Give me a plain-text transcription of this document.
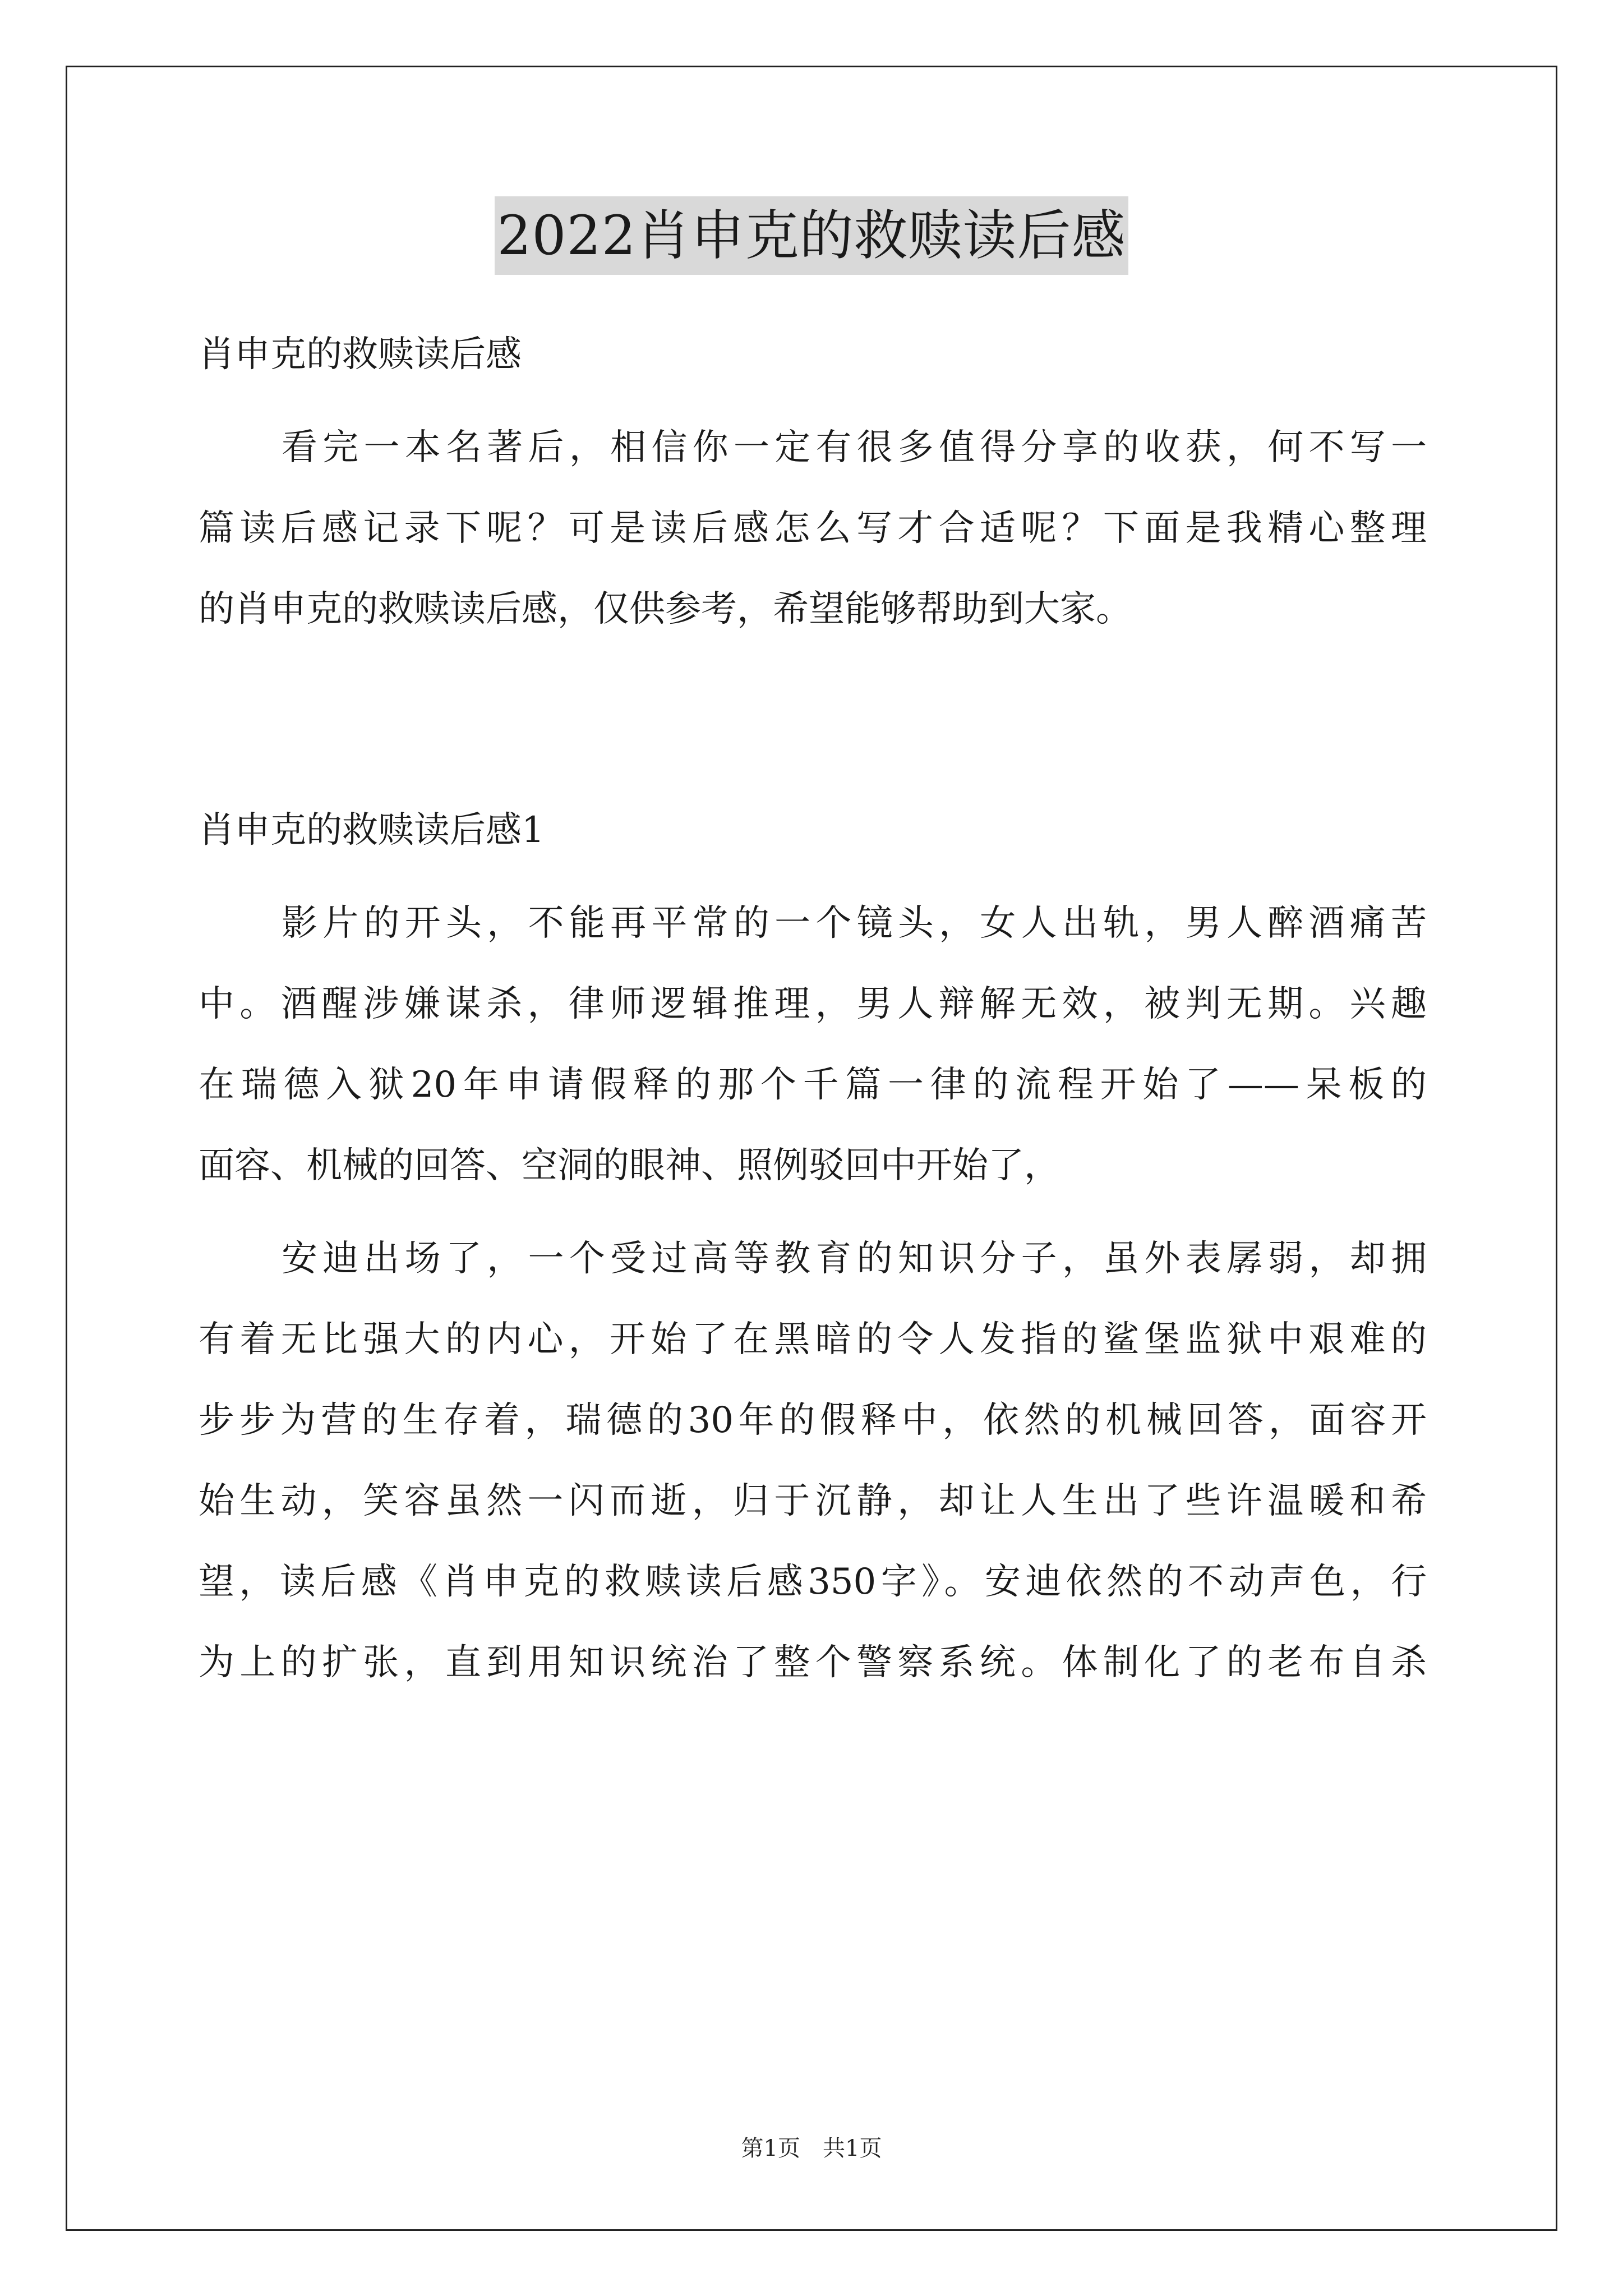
2022肖申克的救赎读后感
肖申克的救赎读后感
看完一本名著后，相信你一定有很多值得分享的收获，何不写一
篇读后感记录下呢？可是读后感怎么写才合适呢？下面是我精心整理
的肖申克的救赎读后感，仅供参考，希望能够帮助到大家。
肖申克的救赎读后感1
影片的开头，不能再平常的一个镜头，女人出轨，男人醉酒痛苦
中。酒醒涉嫌谋杀，律师逻辑推理，男人辩解无效，被判无期。兴趣
在瑞德入狱20年申请假释的那个千篇一律的流程开始了——呆板的
面容、机械的回答、空洞的眼神、照例驳回中开始了，
安迪出场了，一个受过高等教育的知识分子，虽外表孱弱，却拥
有着无比强大的内心，开始了在黑暗的令人发指的鲨堡监狱中艰难的
步步为营的生存着，瑞德的30年的假释中，依然的机械回答，面容开
始生动，笑容虽然一闪而逝，归于沉静，却让人生出了些许温暖和希
望，读后感《肖申克的救赎读后感350字》。安迪依然的不动声色，行
为上的扩张，直到用知识统治了整个警察系统。体制化了的老布自杀
第1页　共1页
